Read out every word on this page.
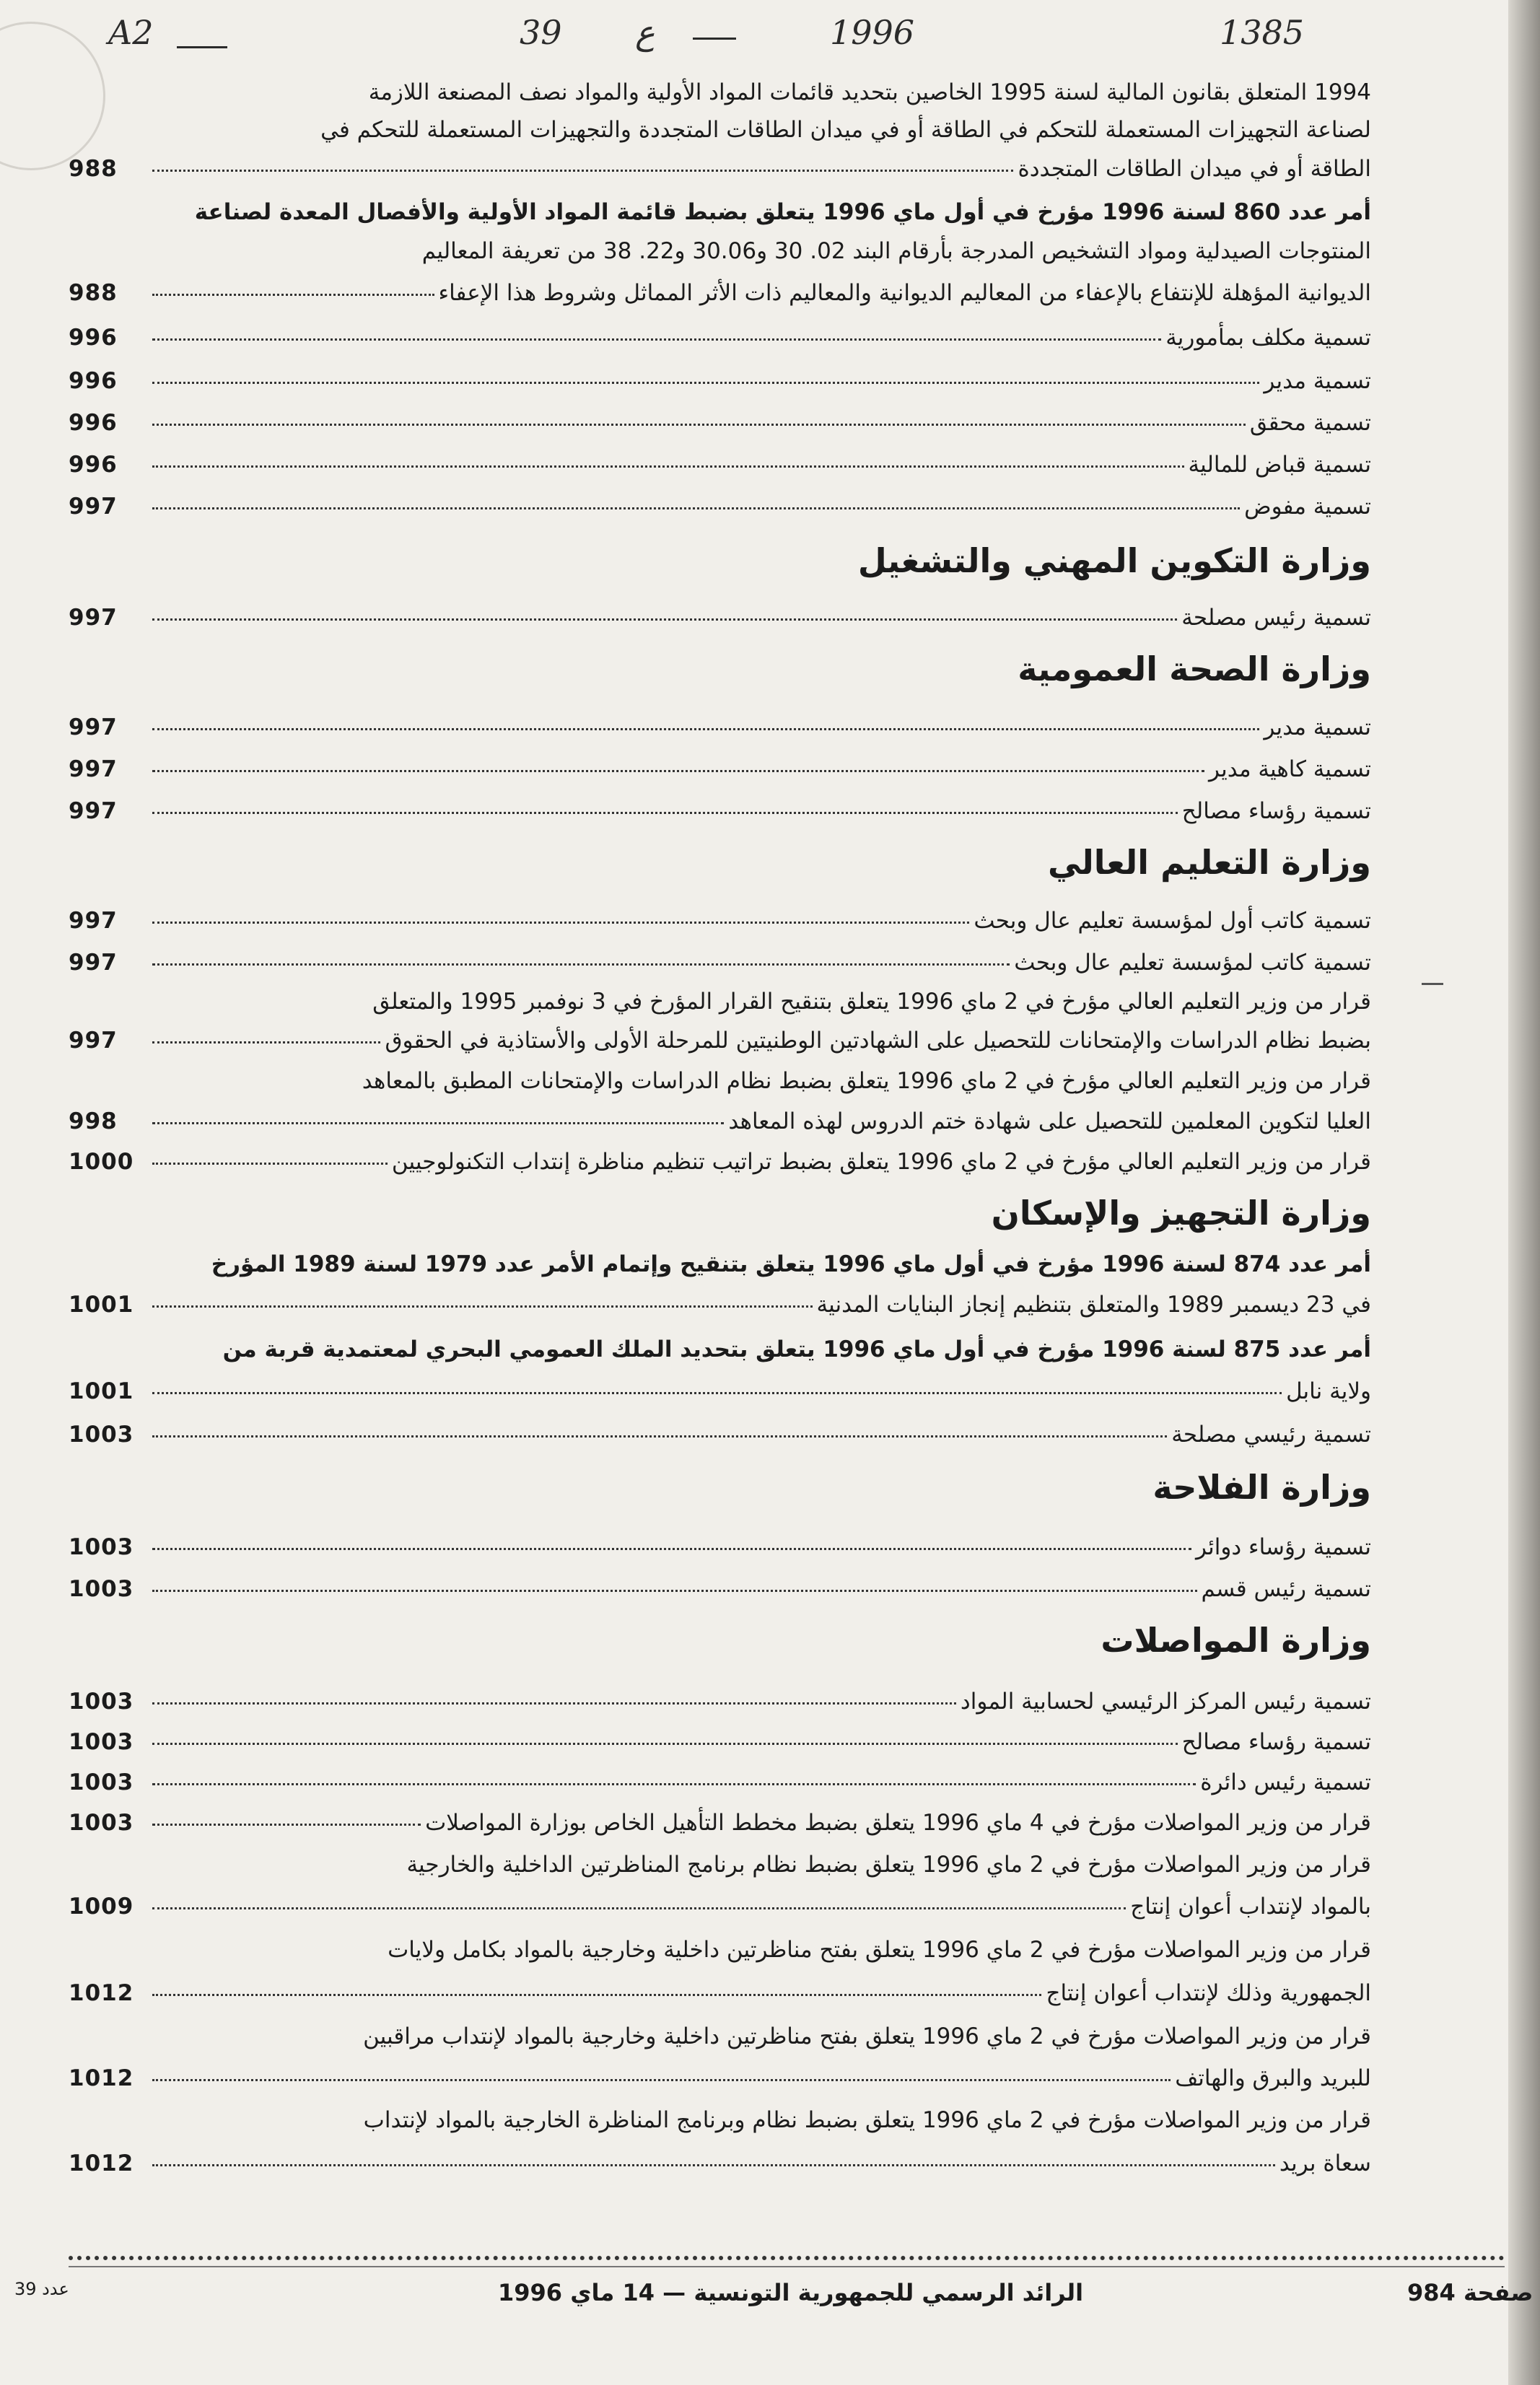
A2	39 ع	1996	1385
1994 المتعلق بقانون المالية لسنة 1995 الخاصين بتحديد قائمات المواد الأولية والمواد نصف المصنعة اللازمة
لصناعة التجهيزات المستعملة للتحكم في الطاقة أو في ميدان الطاقات المتجددة والتجهيزات المستعملة للتحكم في
988	الطاقة أو في ميدان الطاقات المتجددة
أمر عدد 860 لسنة 1996 مؤرخ في أول ماي 1996 يتعلق بضبط قائمة المواد الأولية والأفصال المعدة لصناعة
المنتوجات الصيدلية ومواد التشخيص المدرجة بأرقام البند 02. 30 و30.06 و22. 38 من تعريفة المعاليم
988	الديوانية المؤهلة للإنتفاع بالإعفاء من المعاليم الديوانية والمعاليم ذات الأثر المماثل وشروط هذا الإعفاء
996	تسمية مكلف بمأمورية
996	تسمية مدير
996	تسمية محقق
996	تسمية قباض للمالية
997	تسمية مفوض
وزارة التكوين المهني والتشغيل
997	تسمية رئيس مصلحة
وزارة الصحة العمومية
997	تسمية مدير
997	تسمية كاهية مدير
997	تسمية رؤساء مصالح
وزارة التعليم العالي
997	تسمية كاتب أول لمؤسسة تعليم عال وبحث
997	تسمية كاتب لمؤسسة تعليم عال وبحث
قرار من وزير التعليم العالي مؤرخ في 2 ماي 1996 يتعلق بتنقيح القرار المؤرخ في 3 نوفمبر 1995 والمتعلق
997	بضبط نظام الدراسات والإمتحانات للتحصيل على الشهادتين الوطنيتين للمرحلة الأولى والأستاذية في الحقوق
قرار من وزير التعليم العالي مؤرخ في 2 ماي 1996 يتعلق بضبط نظام الدراسات والإمتحانات المطبق بالمعاهد
998	العليا لتكوين المعلمين للتحصيل على شهادة ختم الدروس لهذه المعاهد
1000	قرار من وزير التعليم العالي مؤرخ في 2 ماي 1996 يتعلق بضبط تراتيب تنظيم مناظرة إنتداب التكنولوجيين
وزارة التجهيز والإسكان
أمر عدد 874 لسنة 1996 مؤرخ في أول ماي 1996 يتعلق بتنقيح وإتمام الأمر عدد 1979 لسنة 1989 المؤرخ
1001	في 23 ديسمبر 1989 والمتعلق بتنظيم إنجاز البنايات المدنية
أمر عدد 875 لسنة 1996 مؤرخ في أول ماي 1996 يتعلق بتحديد الملك العمومي البحري لمعتمدية قربة من
1001	ولاية نابل
1003	تسمية رئيسي مصلحة
وزارة الفلاحة
1003	تسمية رؤساء دوائر
1003	تسمية رئيس قسم
وزارة المواصلات
1003	تسمية رئيس المركز الرئيسي لحسابية المواد
1003	تسمية رؤساء مصالح
1003	تسمية رئيس دائرة
1003	قرار من وزير المواصلات مؤرخ في 4 ماي 1996 يتعلق بضبط مخطط التأهيل الخاص بوزارة المواصلات
قرار من وزير المواصلات مؤرخ في 2 ماي 1996 يتعلق بضبط نظام برنامج المناظرتين الداخلية والخارجية
1009	بالمواد لإنتداب أعوان إنتاج
قرار من وزير المواصلات مؤرخ في 2 ماي 1996 يتعلق بفتح مناظرتين داخلية وخارجية بالمواد بكامل ولايات
1012	الجمهورية وذلك لإنتداب أعوان إنتاج
قرار من وزير المواصلات مؤرخ في 2 ماي 1996 يتعلق بفتح مناظرتين داخلية وخارجية بالمواد لإنتداب مراقبين
1012	للبريد والبرق والهاتف
قرار من وزير المواصلات مؤرخ في 2 ماي 1996 يتعلق بضبط نظام وبرنامج المناظرة الخارجية بالمواد لإنتداب
1012	سعاة بريد
صفحة 984
الرائد الرسمي للجمهورية التونسية — 14 ماي 1996
عدد 39
